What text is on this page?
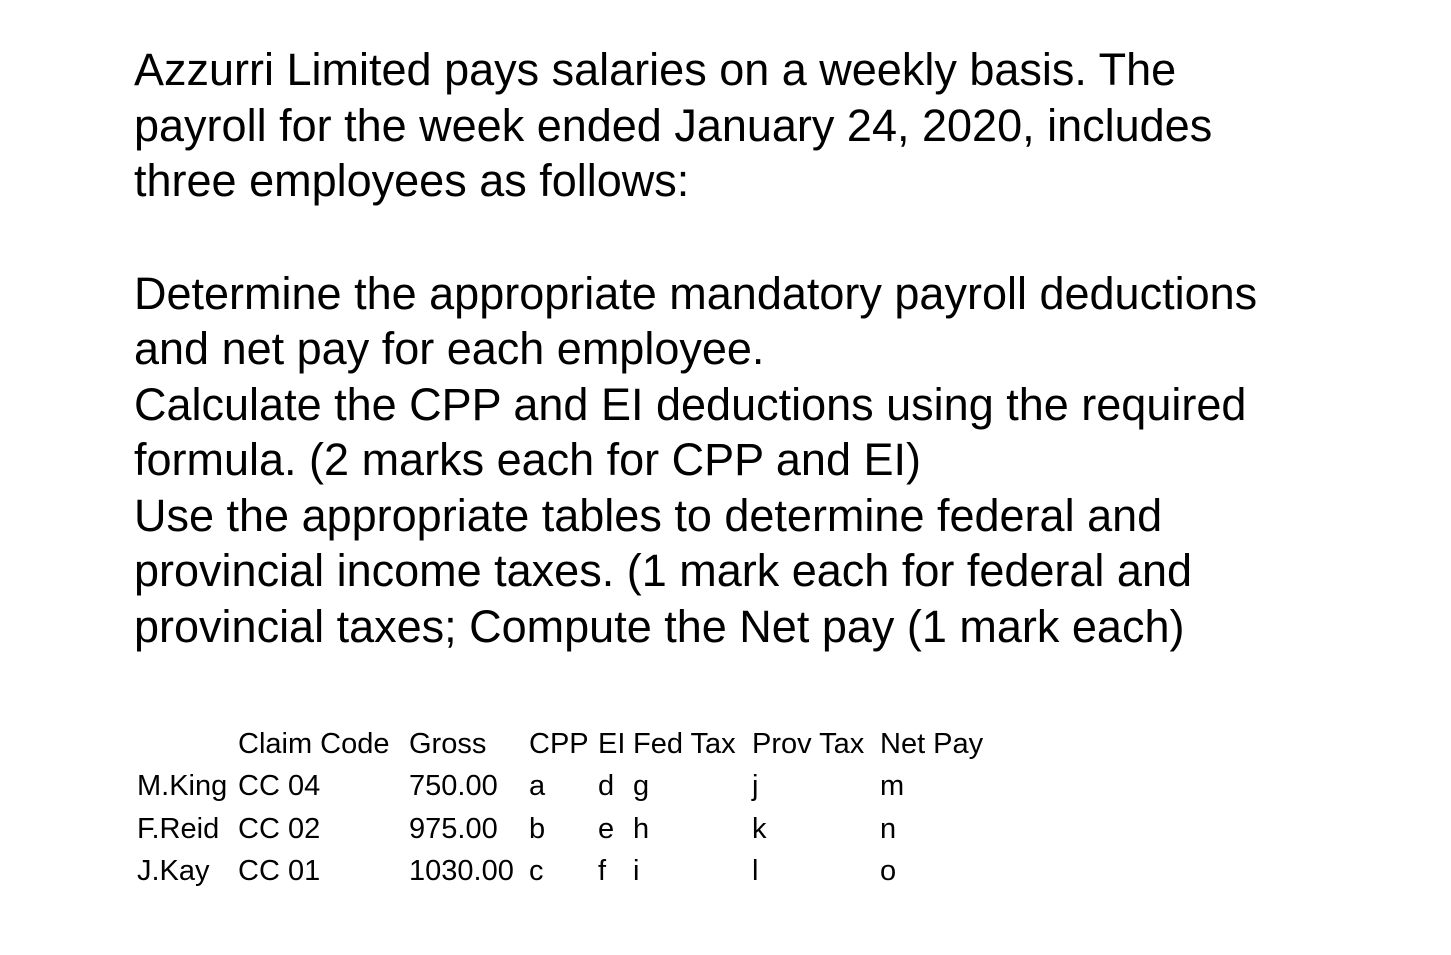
Azzurri Limited pays salaries on a weekly basis. The
payroll for the week ended January 24, 2020, includes
three employees as follows:

Determine the appropriate mandatory payroll deductions
and net pay for each employee.
Calculate the CPP and EI deductions using the required
formula. (2 marks each for CPP and EI)
Use the appropriate tables to determine federal and
provincial income taxes. (1 mark each for federal and
provincial taxes; Compute the Net pay (1 mark each)

	Claim Code	Gross	CPP	EI	Fed Tax	Prov Tax	Net Pay
M.King	CC 04	750.00	a	d	g	j	m
F.Reid	CC 02	975.00	b	e	h	k	n
J.Kay	CC 01	1030.00	c	f	i	l	o
